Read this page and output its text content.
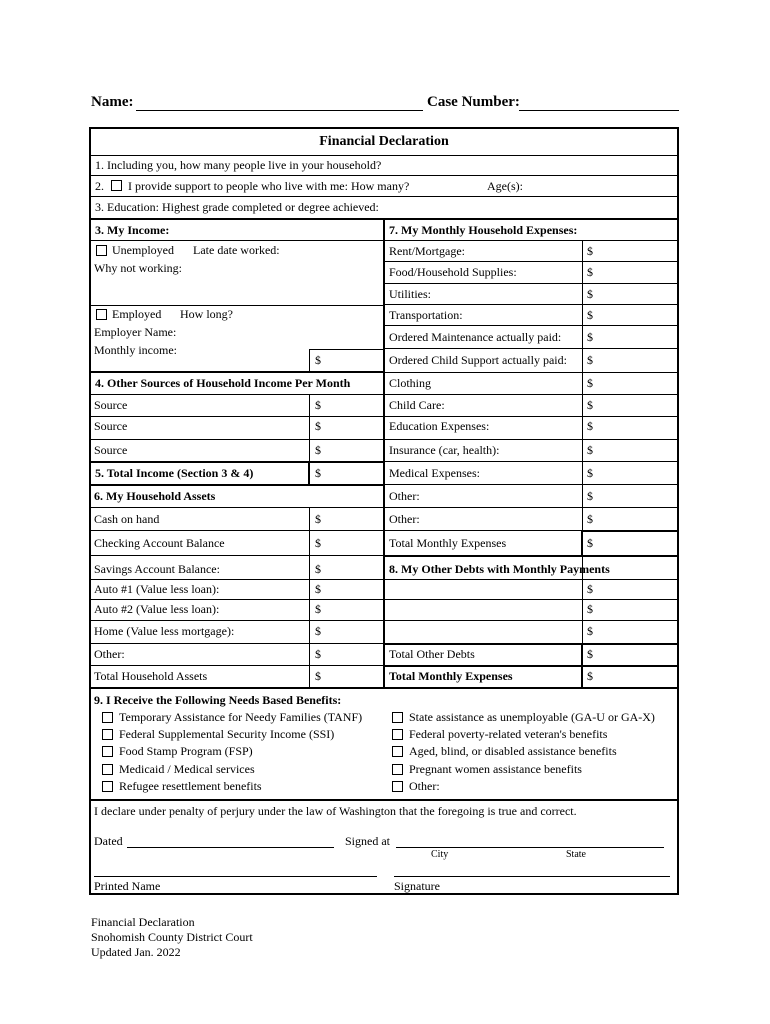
Name:	Case Number:
Financial Declaration
1. Including you, how many people live in your household?
2. I provide support to people who live with me: How many?	Age(s):
3. Education: Highest grade completed or degree achieved:
3. My Income:
Unemployed Late date worked:
Why not working:
Employed How long?
Employer Name:
Monthly income:
$
4. Other Sources of Household Income Per Month
Source	$
Source	$
Source	$
5. Total Income (Section 3 & 4)	$
6. My Household Assets
Cash on hand	$
Checking Account Balance	$
Savings Account Balance:	$
Auto #1 (Value less loan):	$
Auto #2 (Value less loan):	$
Home (Value less mortgage):	$
Other:	$
Total Household Assets	$
7. My Monthly Household Expenses:
Rent/Mortgage:	$
Food/Household Supplies:	$
Utilities:	$
Transportation:	$
Ordered Maintenance actually paid: $
Ordered Child Support actually paid: $
Clothing	$
Child Care:	$
Education Expenses:	$
Insurance (car, health):	$
Medical Expenses:	$
Other:	$
Other:	$
Total Monthly Expenses	$
8. My Other Debts with Monthly Payments
$
$
$
Total Other Debts	$
Total Monthly Expenses	$
9. I Receive the Following Needs Based Benefits:
Temporary Assistance for Needy Families (TANF)
Federal Supplemental Security Income (SSI)
Food Stamp Program (FSP)
Medicaid / Medical services
Refugee resettlement benefits
State assistance as unemployable (GA-U or GA-X)
Federal poverty-related veteran's benefits
Aged, blind, or disabled assistance benefits
Pregnant women assistance benefits
Other:
I declare under penalty of perjury under the law of Washington that the foregoing is true and correct.
Dated	Signed at
City	State
Printed Name	Signature
Financial Declaration
Snohomish County District Court
Updated Jan. 2022
